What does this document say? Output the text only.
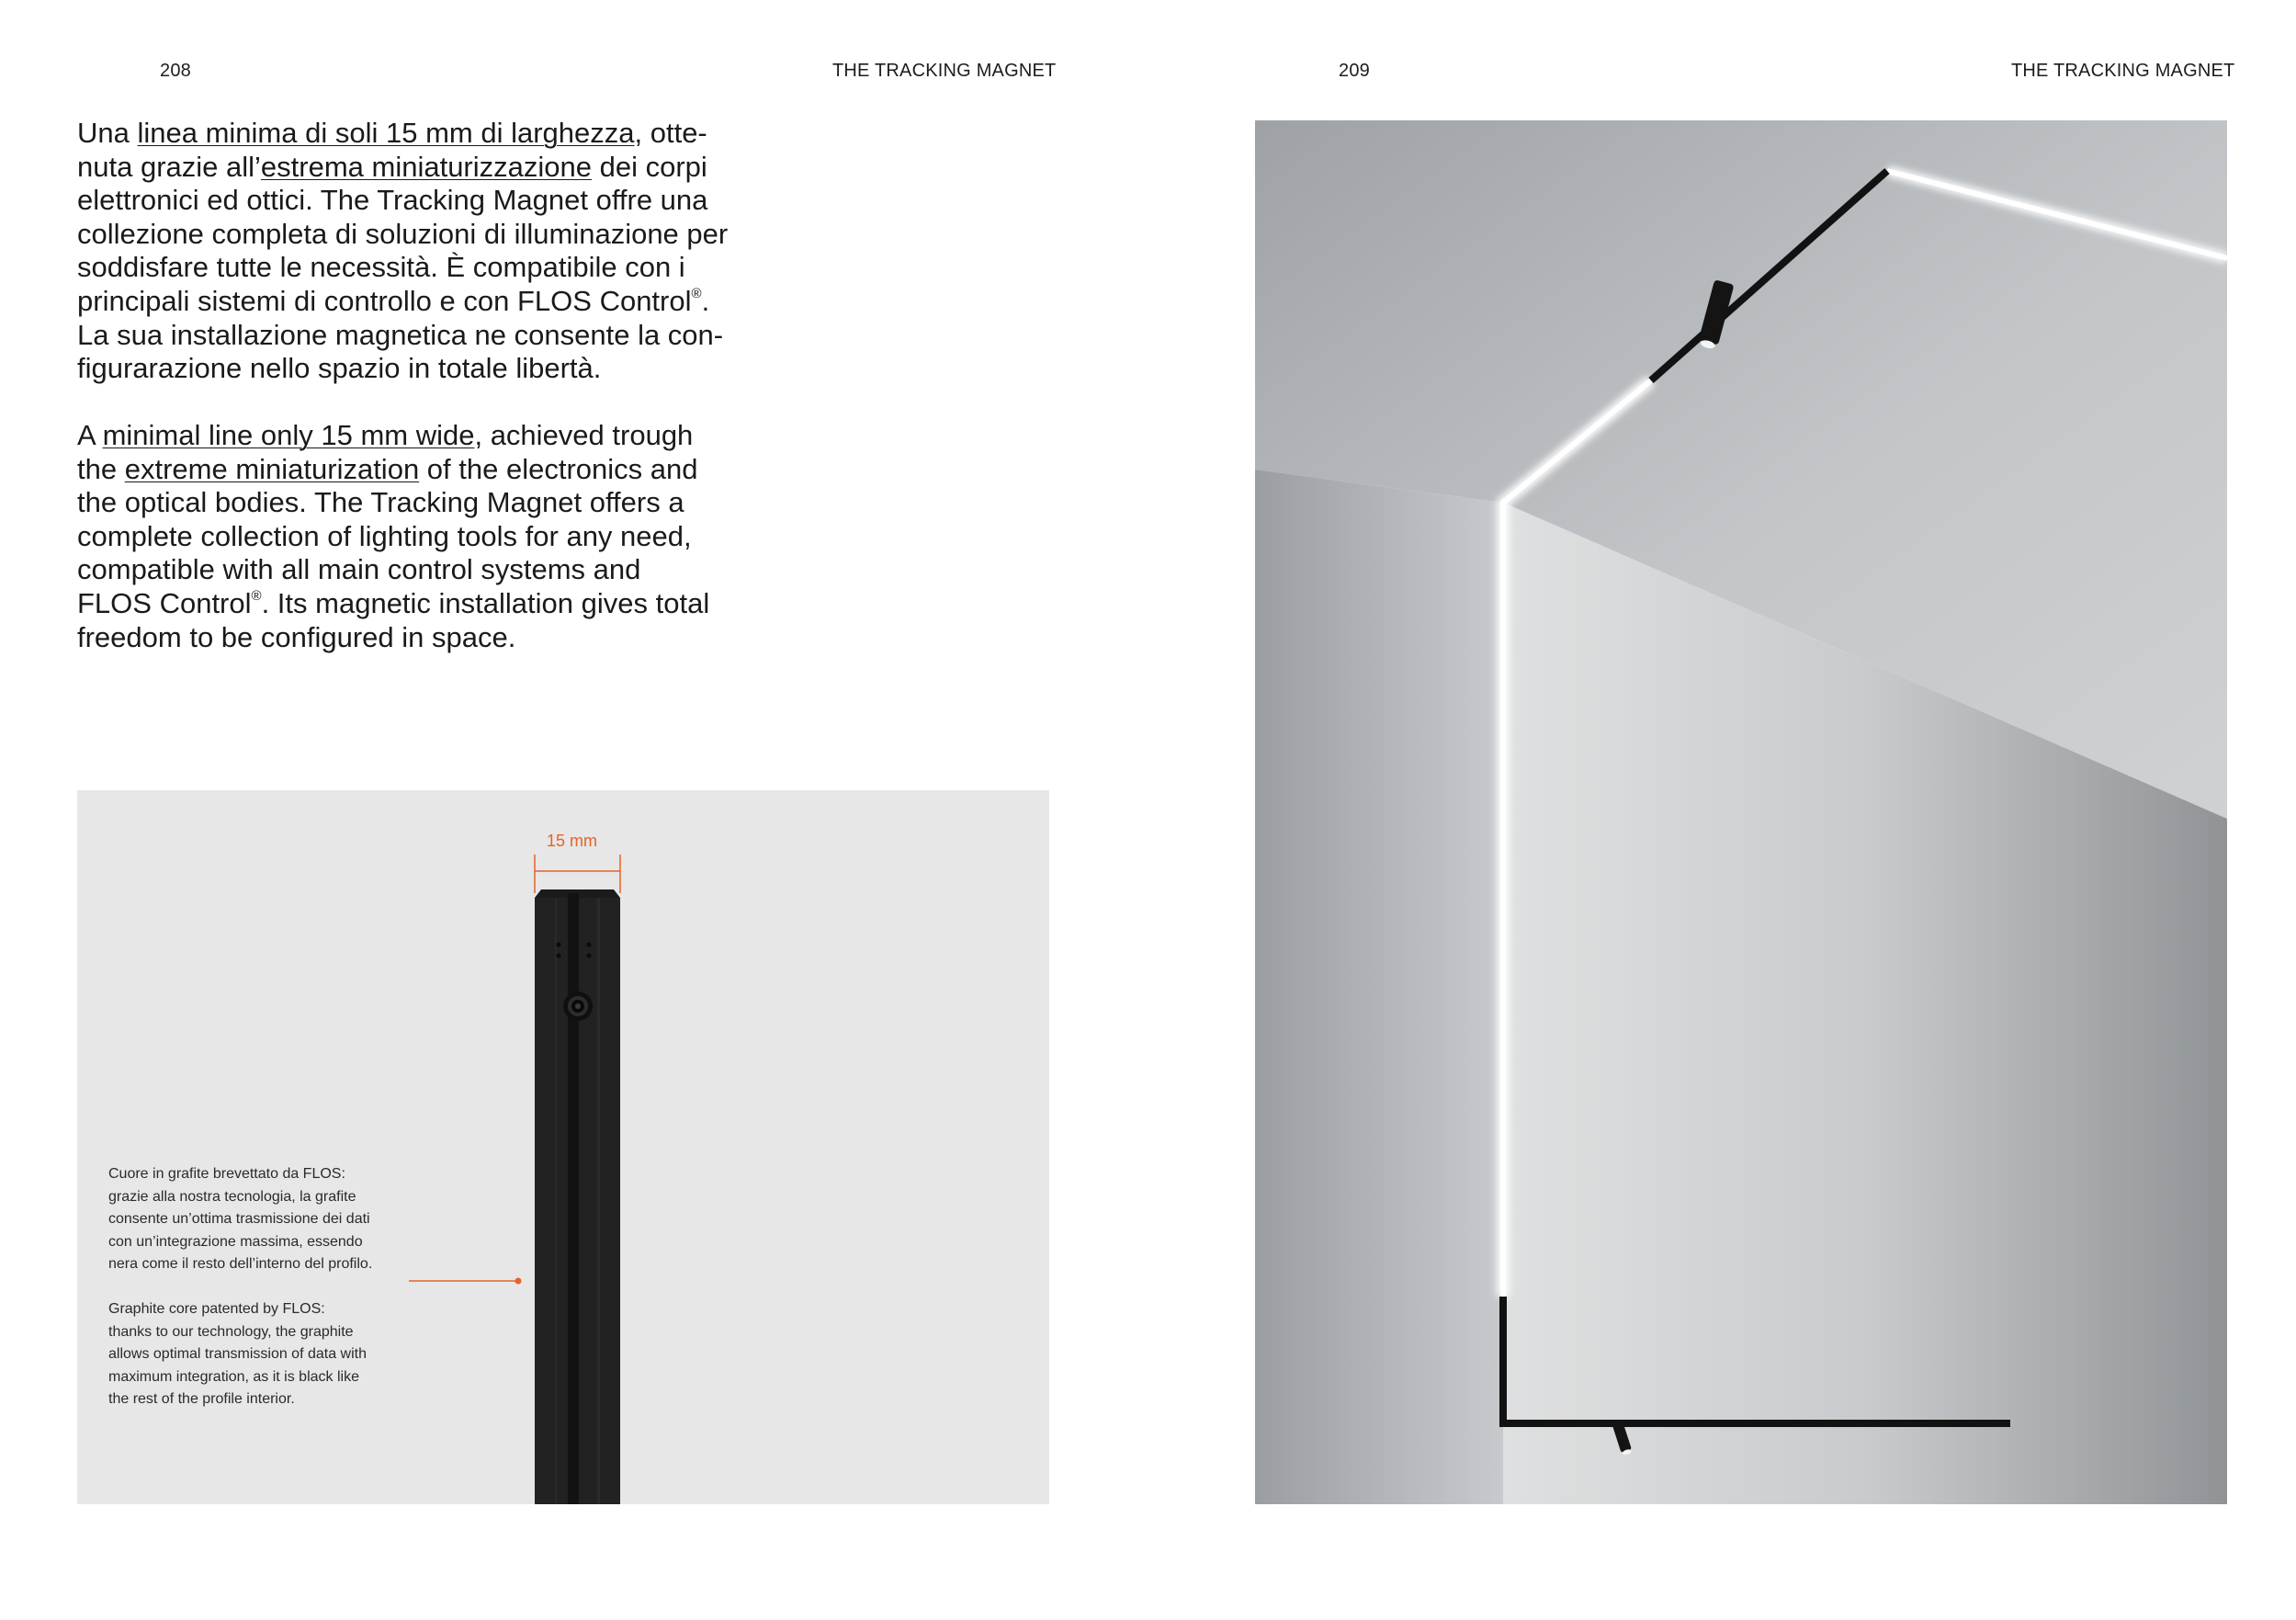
208	THE TRACKING MAGNET	209	THE TRACKING MAGNET

Una linea minima di soli 15 mm di larghezza, otte-

nuta grazie all’estrema miniaturizzazione dei corpi

elettronici ed ottici. The Tracking Magnet offre una

collezione completa di soluzioni di illuminazione per

soddisfare tutte le necessità. È compatibile con i

principali sistemi di controllo e con FLOS Control®.

La sua installazione magnetica ne consente la con-

figurarazione nello spazio in totale libertà.

A minimal line only 15 mm wide, achieved trough

the extreme miniaturization of the electronics and

the optical bodies. The Tracking Magnet offers a

complete collection of lighting tools for any need,

compatible with all main control systems and

FLOS Control®. Its magnetic installation gives total

freedom to be configured in space.

15 mm
Cuore in grafite brevettato da FLOS:
grazie alla nostra tecnologia, la grafite
consente un’ottima trasmissione dei dati
con un’integrazione massima, essendo
nera come il resto dell’interno del profilo.
Graphite core patented by FLOS:
thanks to our technology, the graphite
allows optimal transmission of data with
maximum integration, as it is black like
the rest of the profile interior.
